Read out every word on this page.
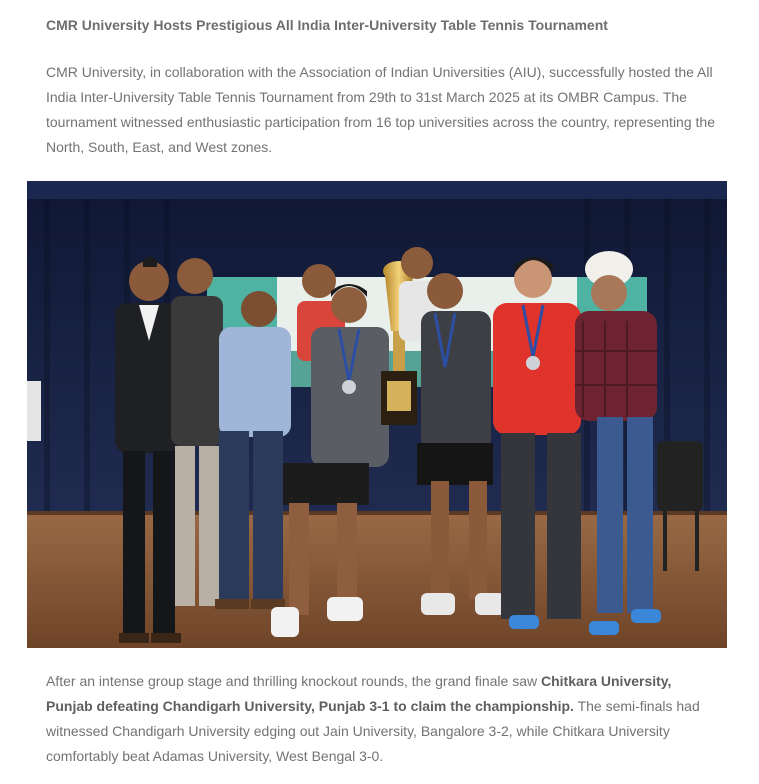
CMR University Hosts Prestigious All India Inter-University Table Tennis Tournament

CMR University, in collaboration with the Association of Indian Universities (AIU), successfully hosted the All India Inter-University Table Tennis Tournament from 29th to 31st March 2025 at its OMBR Campus. The tournament witnessed enthusiastic participation from 16 top universities across the country, representing the North, South, East, and West zones.

After an intense group stage and thrilling knockout rounds, the grand finale saw Chitkara University, Punjab defeating Chandigarh University, Punjab 3-1 to claim the championship. The semi-finals had witnessed Chandigarh University edging out Jain University, Bangalore 3-2, while Chitkara University comfortably beat Adamas University, West Bengal 3-0.
